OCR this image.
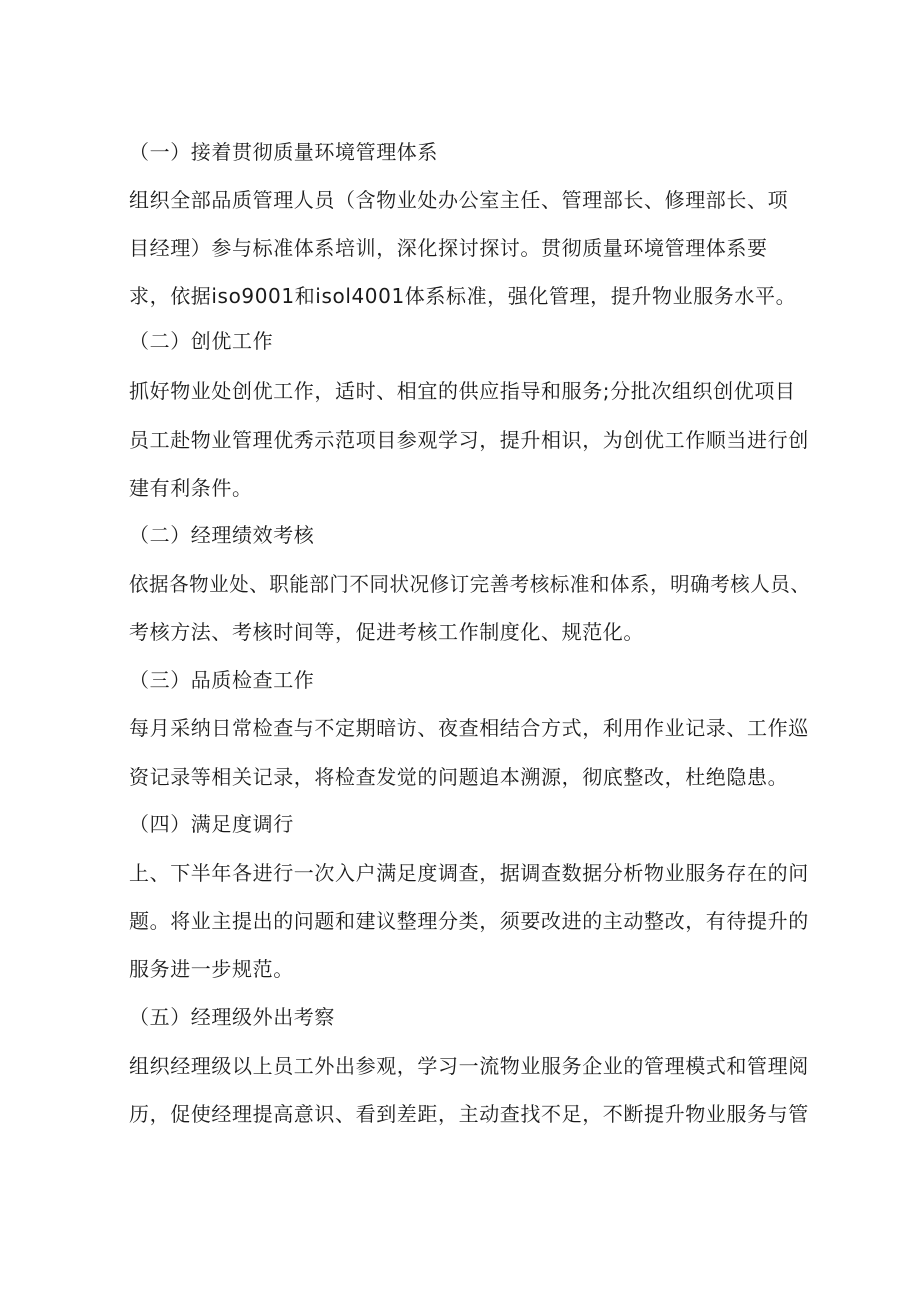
（一）接着贯彻质量环境管理体系
组织全部品质管理人员（含物业处办公室主任、管理部长、修理部长、项
目经理）参与标准体系培训，深化探讨探讨。贯彻质量环境管理体系要
求，依据iso9001和isol4001体系标准，强化管理，提升物业服务水平。
（二）创优工作
抓好物业处创优工作，适时、相宜的供应指导和服务;分批次组织创优项目
员工赴物业管理优秀示范项目参观学习，提升相识，为创优工作顺当进行创
建有利条件。
（二）经理绩效考核
依据各物业处、职能部门不同状况修订完善考核标准和体系，明确考核人员、
考核方法、考核时间等，促进考核工作制度化、规范化。
（三）品质检查工作
每月采纳日常检查与不定期暗访、夜查相结合方式，利用作业记录、工作巡
资记录等相关记录，将检查发觉的问题追本溯源，彻底整改，杜绝隐患。
（四）满足度调行
上、下半年各进行一次入户满足度调查，据调查数据分析物业服务存在的问
题。将业主提出的问题和建议整理分类，须要改进的主动整改，有待提升的
服务进一步规范。
（五）经理级外出考察
组织经理级以上员工外出参观，学习一流物业服务企业的管理模式和管理阅
历，促使经理提高意识、看到差距，主动查找不足，不断提升物业服务与管
